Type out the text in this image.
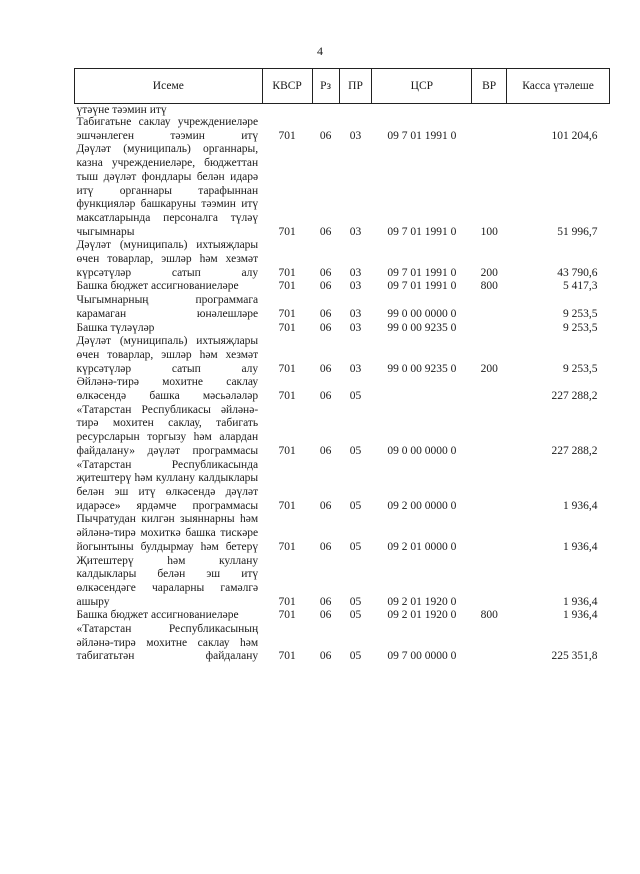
4
Исеме	КВСР	Рз	ПР	ЦСР	ВР	Касса үтәлеше
үтәүне тәэмин итү						
Табигатьне саклау учреждениеләре эшчәнлеген тәэмин итү	701	06	03	09 7 01 1991 0		101 204,6
Дәүләт (муниципаль) органнары, казна учреждениеләре, бюджеттан тыш дәүләт фондлары белән идарә итү органнары тарафыннан функцияләр башкаруны тәэмин итү максатларында персоналга түләү чыгымнары	701	06	03	09 7 01 1991 0	100	51 996,7
Дәүләт (муниципаль) ихтыяҗлары өчен товарлар, эшләр һәм хезмәт күрсәтүләр сатып алу	701	06	03	09 7 01 1991 0	200	43 790,6
Башка бюджет ассигнованиеләре	701	06	03	09 7 01 1991 0	800	5 417,3
Чыгымнарның программага карамаган юнәлешләре	701	06	03	99 0 00 0000 0		9 253,5
Башка түләүләр	701	06	03	99 0 00 9235 0		9 253,5
Дәүләт (муниципаль) ихтыяҗлары өчен товарлар, эшләр һәм хезмәт күрсәтүләр сатып алу	701	06	03	99 0 00 9235 0	200	9 253,5
Әйләнә-тирә мохитне саклау өлкәсендә башка мәсьәләләр	701	06	05			227 288,2
«Татарстан Республикасы әйләнә-тирә мохитен саклау, табигать ресурсларын торгызу һәм алардан файдалану» дәүләт программасы	701	06	05	09 0 00 0000 0		227 288,2
«Татарстан Республикасында җитештерү һәм куллану калдыклары белән эш итү өлкәсендә дәүләт идарәсе» ярдәмче программасы	701	06	05	09 2 00 0000 0		1 936,4
Пычратудан килгән зыяннарны һәм әйләнә-тирә мохиткә башка тискәре йогынтыны булдырмау һәм бетерү	701	06	05	09 2 01 0000 0		1 936,4
Җитештерү һәм куллану калдыклары белән эш итү өлкәсендәге чараларны гамәлгә ашыру	701	06	05	09 2 01 1920 0		1 936,4
Башка бюджет ассигнованиеләре	701	06	05	09 2 01 1920 0	800	1 936,4
«Татарстан Республикасының әйләнә-тирә мохитне саклау һәм табигатьтән файдалану	701	06	05	09 7 00 0000 0		225 351,8
